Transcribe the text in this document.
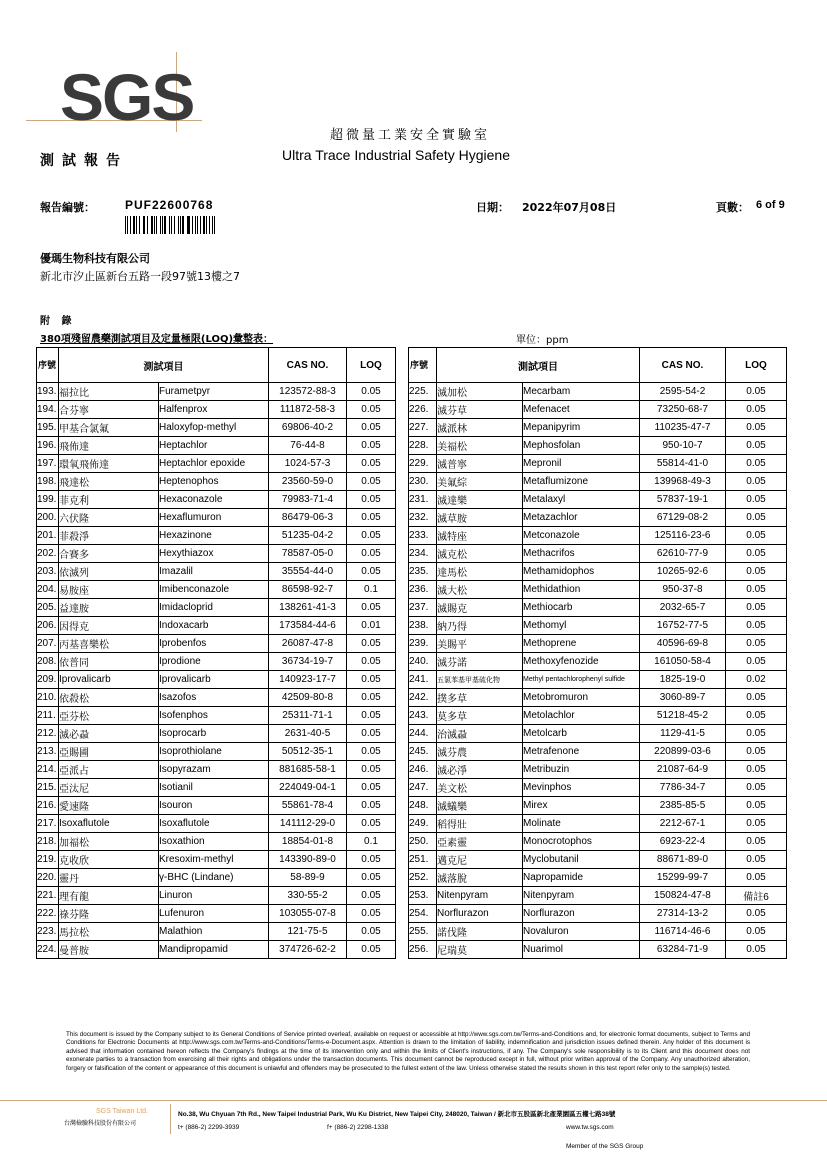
SGS
超微量工業安全實驗室
Ultra Trace Industrial Safety Hygiene
測試報告
報告編號：	PUF22600768	日期： 2022年07月08日	頁數： 6 of 9
優瑪生物科技有限公司
新北市汐止區新台五路一段97號13樓之7
附 錄
380項殘留農藥測試項目及定量極限(LOQ)彙整表：	單位：ppm
序號	測試項目		CAS NO.	LOQ
193.	福拉比	Furametpyr	123572-88-3	0.05
194.	合芬寧	Halfenprox	111872-58-3	0.05
195.	甲基合氯氟	Haloxyfop-methyl	69806-40-2	0.05
196.	飛佈達	Heptachlor	76-44-8	0.05
197.	環氧飛佈達	Heptachlor epoxide	1024-57-3	0.05
198.	飛達松	Heptenophos	23560-59-0	0.05
199.	菲克利	Hexaconazole	79983-71-4	0.05
200.	六伏隆	Hexaflumuron	86479-06-3	0.05
201.	菲殺淨	Hexazinone	51235-04-2	0.05
202.	合賽多	Hexythiazox	78587-05-0	0.05
203.	依滅列	Imazalil	35554-44-0	0.05
204.	易胺座	Imibenconazole	86598-92-7	0.1
205.	益達胺	Imidacloprid	138261-41-3	0.05
206.	因得克	Indoxacarb	173584-44-6	0.01
207.	丙基喜樂松	Iprobenfos	26087-47-8	0.05
208.	依普同	Iprodione	36734-19-7	0.05
209.	Iprovalicarb	Iprovalicarb	140923-17-7	0.05
210.	依殺松	Isazofos	42509-80-8	0.05
211.	亞芬松	Isofenphos	25311-71-1	0.05
212.	滅必蝨	Isoprocarb	2631-40-5	0.05
213.	亞賜圃	Isoprothiolane	50512-35-1	0.05
214.	亞派占	Isopyrazam	881685-58-1	0.05
215.	亞汰尼	Isotianil	224049-04-1	0.05
216.	愛速隆	Isouron	55861-78-4	0.05
217.	Isoxaflutole	Isoxaflutole	141112-29-0	0.05
218.	加福松	Isoxathion	18854-01-8	0.1
219.	克收欣	Kresoxim-methyl	143390-89-0	0.05
220.	靈丹	γ-BHC (Lindane)	58-89-9	0.05
221.	理有龍	Linuron	330-55-2	0.05
222.	祿芬隆	Lufenuron	103055-07-8	0.05
223.	馬拉松	Malathion	121-75-5	0.05
224.	曼普胺	Mandipropamid	374726-62-2	0.05
序號	測試項目		CAS NO.	LOQ
225.	滅加松	Mecarbam	2595-54-2	0.05
226.	滅芬草	Mefenacet	73250-68-7	0.05
227.	滅派林	Mepanipyrim	110235-47-7	0.05
228.	美福松	Mephosfolan	950-10-7	0.05
229.	滅普寧	Mepronil	55814-41-0	0.05
230.	美氟綜	Metaflumizone	139968-49-3	0.05
231.	滅達樂	Metalaxyl	57837-19-1	0.05
232.	滅草胺	Metazachlor	67129-08-2	0.05
233.	滅特座	Metconazole	125116-23-6	0.05
234.	滅克松	Methacrifos	62610-77-9	0.05
235.	達馬松	Methamidophos	10265-92-6	0.05
236.	滅大松	Methidathion	950-37-8	0.05
237.	滅賜克	Methiocarb	2032-65-7	0.05
238.	納乃得	Methomyl	16752-77-5	0.05
239.	美賜平	Methoprene	40596-69-8	0.05
240.	滅芬諾	Methoxyfenozide	161050-58-4	0.05
241.	五氯苯基甲基硫化物	Methyl pentachlorophenyl sulfide	1825-19-0	0.02
242.	撲多草	Metobromuron	3060-89-7	0.05
243.	莫多草	Metolachlor	51218-45-2	0.05
244.	治滅蝨	Metolcarb	1129-41-5	0.05
245.	滅芬農	Metrafenone	220899-03-6	0.05
246.	滅必淨	Metribuzin	21087-64-9	0.05
247.	美文松	Mevinphos	7786-34-7	0.05
248.	滅蟻樂	Mirex	2385-85-5	0.05
249.	稻得壯	Molinate	2212-67-1	0.05
250.	亞素靈	Monocrotophos	6923-22-4	0.05
251.	邁克尼	Myclobutanil	88671-89-0	0.05
252.	滅落脫	Napropamide	15299-99-7	0.05
253.	Nitenpyram	Nitenpyram	150824-47-8	備註6
254.	Norflurazon	Norflurazon	27314-13-2	0.05
255.	諾伐隆	Novaluron	116714-46-6	0.05
256.	尼瑞莫	Nuarimol	63284-71-9	0.05
This document is issued by the Company subject to its General Conditions of Service printed overleaf, available on request or accessible at http://www.sgs.com.tw/Terms-and-Conditions and, for electronic format documents, subject to Terms and Conditions for Electronic Documents at http://www.sgs.com.tw/Terms-and-Conditions/Terms-e-Document.aspx. Attention is drawn to the limitation of liability, indemnification and jurisdiction issues defined therein. Any holder of this document is advised that information contained hereon reflects the Company's findings at the time of its intervention only and within the limits of Client's instructions, if any. The Company's sole responsibility is to its Client and this document does not exonerate parties to a transaction from exercising all their rights and obligations under the transaction documents. This document cannot be reproduced except in full, without prior written approval of the Company. Any unauthorized alteration, forgery or falsification of the content or appearance of this document is unlawful and offenders may be prosecuted to the fullest extent of the law. Unless otherwise stated the results shown in this test report refer only to the sample(s) tested.
SGS Taiwan Ltd.
台灣檢驗科技股份有限公司
No.38, Wu Chyuan 7th Rd., New Taipei Industrial Park, Wu Ku District, New Taipei City, 248020, Taiwan / 新北市五股區新北產業園區五權七路38號
t+ (886-2) 2299-3939	f+ (886-2) 2298-1338	www.tw.sgs.com
Member of the SGS Group
